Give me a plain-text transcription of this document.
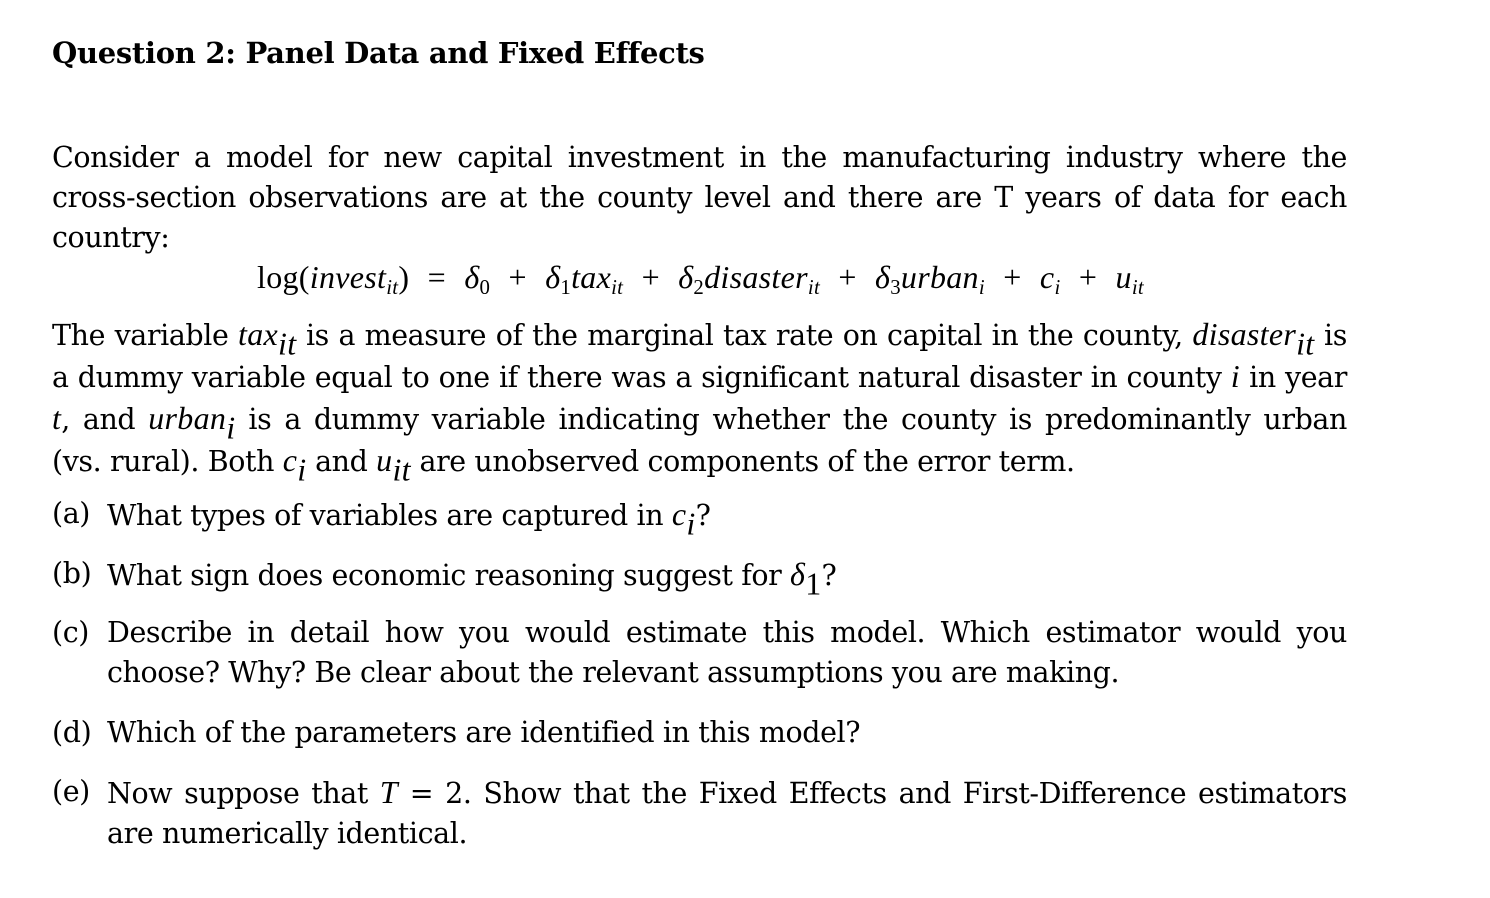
Question 2: Panel Data and Fixed Effects
Consider a model for new capital investment in the manufacturing industry where the cross-section observations are at the county level and there are T years of data for each country:
log(invest$_{it}$) = $\delta_0 + \delta_1tax_{it}$ + $\delta_2disaster_{it}$ + $\delta_3urban_i + c_i + u_{it}$
The variable tax$_{it}$ is a measure of the marginal tax rate on capital in the county, disaster$_{it}$ is a dummy variable equal to one if there was a significant natural disaster in county i in year t, and urban$_i$ is a dummy variable indicating whether the county is predominantly urban (vs. rural). Both $c_i$ and $u_{it}$ are unobserved components of the error term.
(a) What types of variables are captured in $c_i$?
(b) What sign does economic reasoning suggest for $\delta_1$?
(c) Describe in detail how you would estimate this model. Which estimator would you choose? Why? Be clear about the relevant assumptions you are making.
(d) Which of the parameters are identified in this model?
(e) Now suppose that T = 2. Show that the Fixed Effects and First-Difference estimators are numerically identical.
